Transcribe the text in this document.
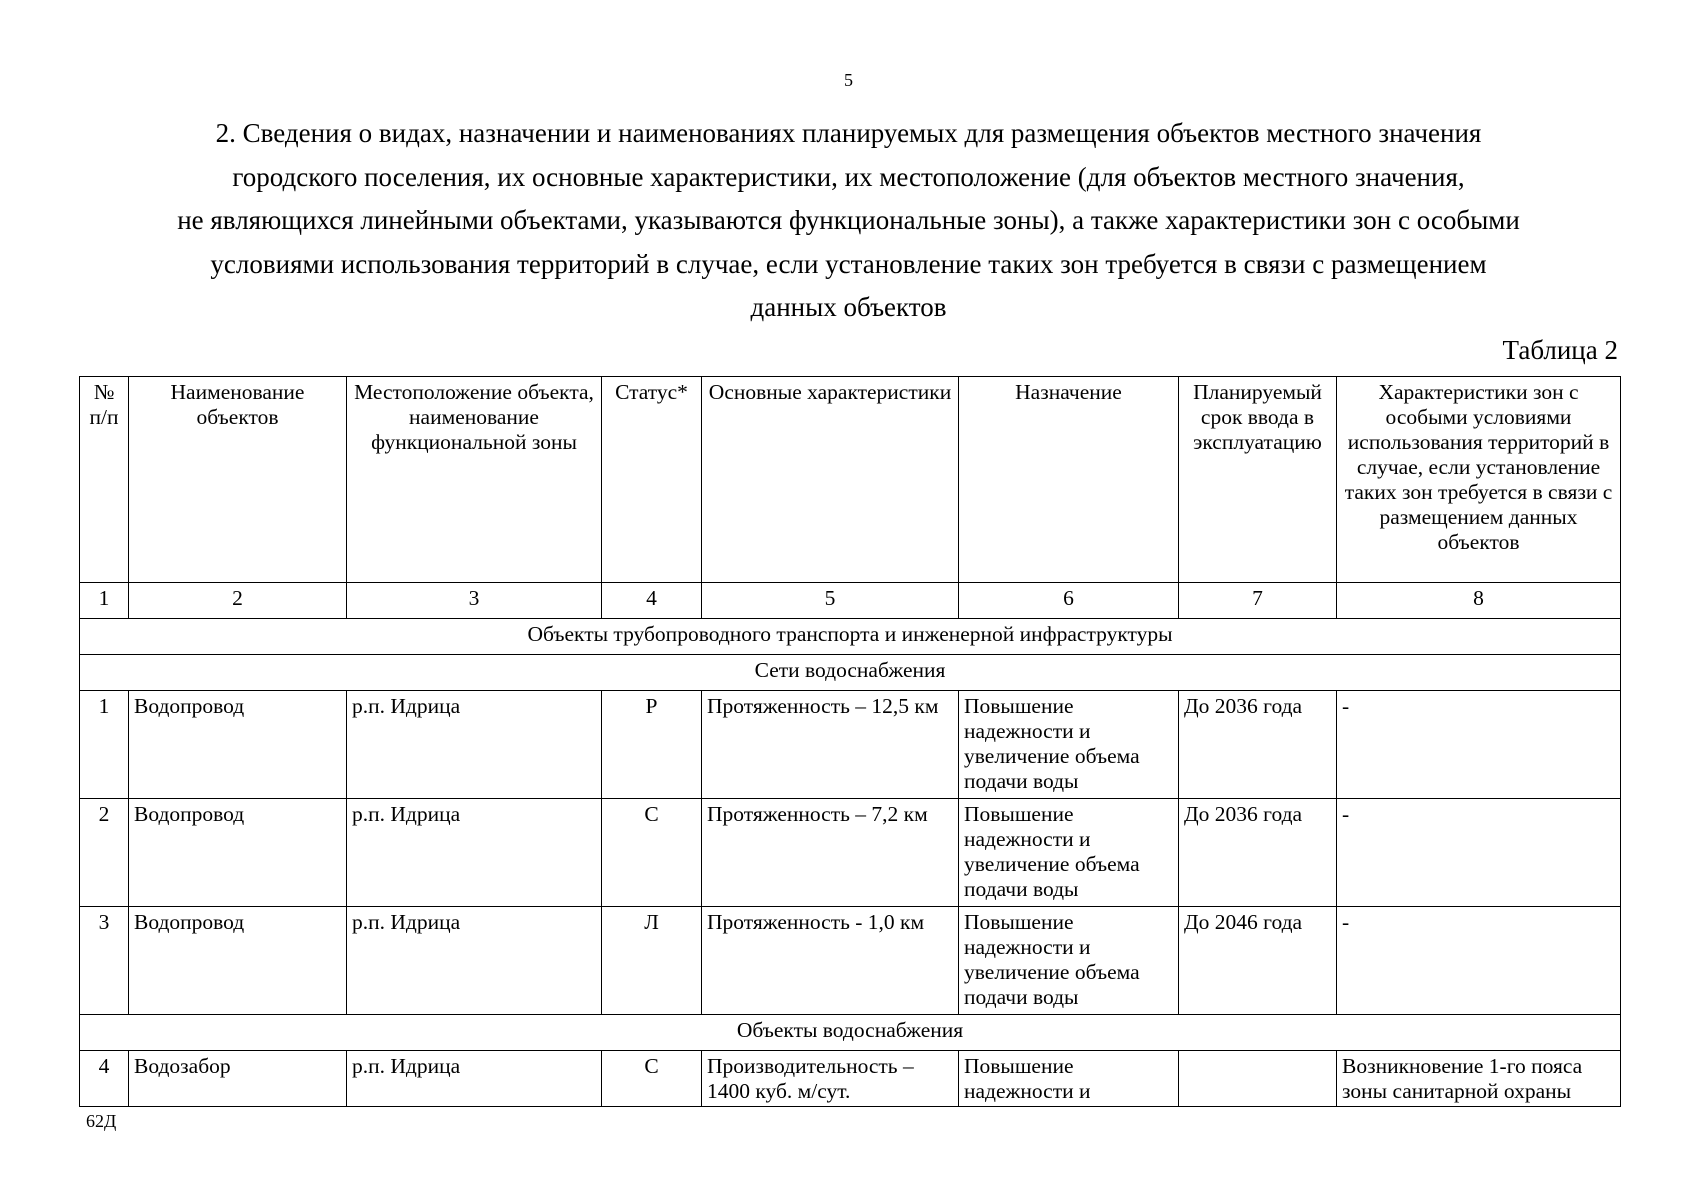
5
2. Сведения о видах, назначении и наименованиях планируемых для размещения объектов местного значения
городского поселения, их основные характеристики, их местоположение (для объектов местного значения,
не являющихся линейными объектами, указываются функциональные зоны), а также характеристики зон с особыми
условиями использования территорий в случае, если установление таких зон требуется в связи с размещением
данных объектов
Таблица 2
№ п/п	Наименование объектов	Местоположение объекта, наименование функциональной зоны	Статус*	Основные характеристики	Назначение	Планируемый срок ввода в эксплуатацию	Характеристики зон с особыми условиями использования территорий в случае, если установление таких зон требуется в связи с размещением данных объектов
1	2	3	4	5	6	7	8
Объекты трубопроводного транспорта и инженерной инфраструктуры							
Сети водоснабжения							
1	Водопровод	р.п. Идрица	Р	Протяженность – 12,5 км	Повышение надежности и увеличение объема подачи воды	До 2036 года	-
2	Водопровод	р.п. Идрица	С	Протяженность – 7,2 км	Повышение надежности и увеличение объема подачи воды	До 2036 года	-
3	Водопровод	р.п. Идрица	Л	Протяженность - 1,0 км	Повышение надежности и увеличение объема подачи воды	До 2046 года	-
Объекты водоснабжения							
4	Водозабор	р.п. Идрица	С	Производительность – 1400 куб. м/сут.	Повышение надежности и		Возникновение 1-го пояса зоны санитарной охраны
62Д
